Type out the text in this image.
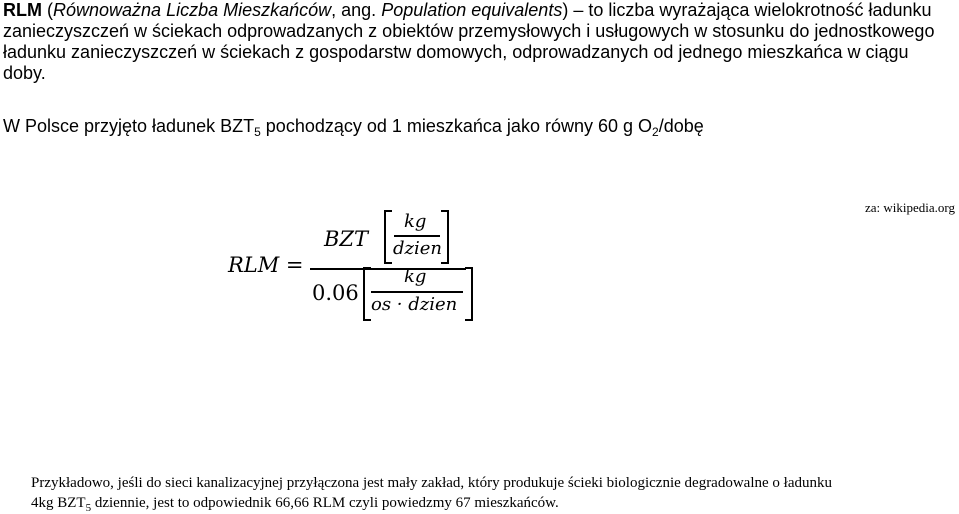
RLM (Równoważna Liczba Mieszkańców, ang. Population equivalents) – to liczba wyrażająca wielokrotność ładunku zanieczyszczeń w ściekach odprowadzanych z obiektów przemysłowych i usługowych w stosunku do jednostkowego ładunku zanieczyszczeń w ściekach z gospodarstw domowych, odprowadzanych od jednego mieszkańca w ciągu doby.

W Polsce przyjęto ładunek $BZT_5$ pochodzący od 1 mieszkańca jako równy 60 g $O_2$/dobę

za: wikipedia.org
RLM =
BZT
kg
dzien
0.06
kg
os · dzien

Przykładowo, jeśli do sieci kanalizacyjnej przyłączona jest mały zakład, który produkuje ścieki biologicznie degradowalne o ładunku
4kg $BZT_5$ dziennie, jest to odpowiednik 66,66 RLM czyli powiedzmy 67 mieszkańców.
